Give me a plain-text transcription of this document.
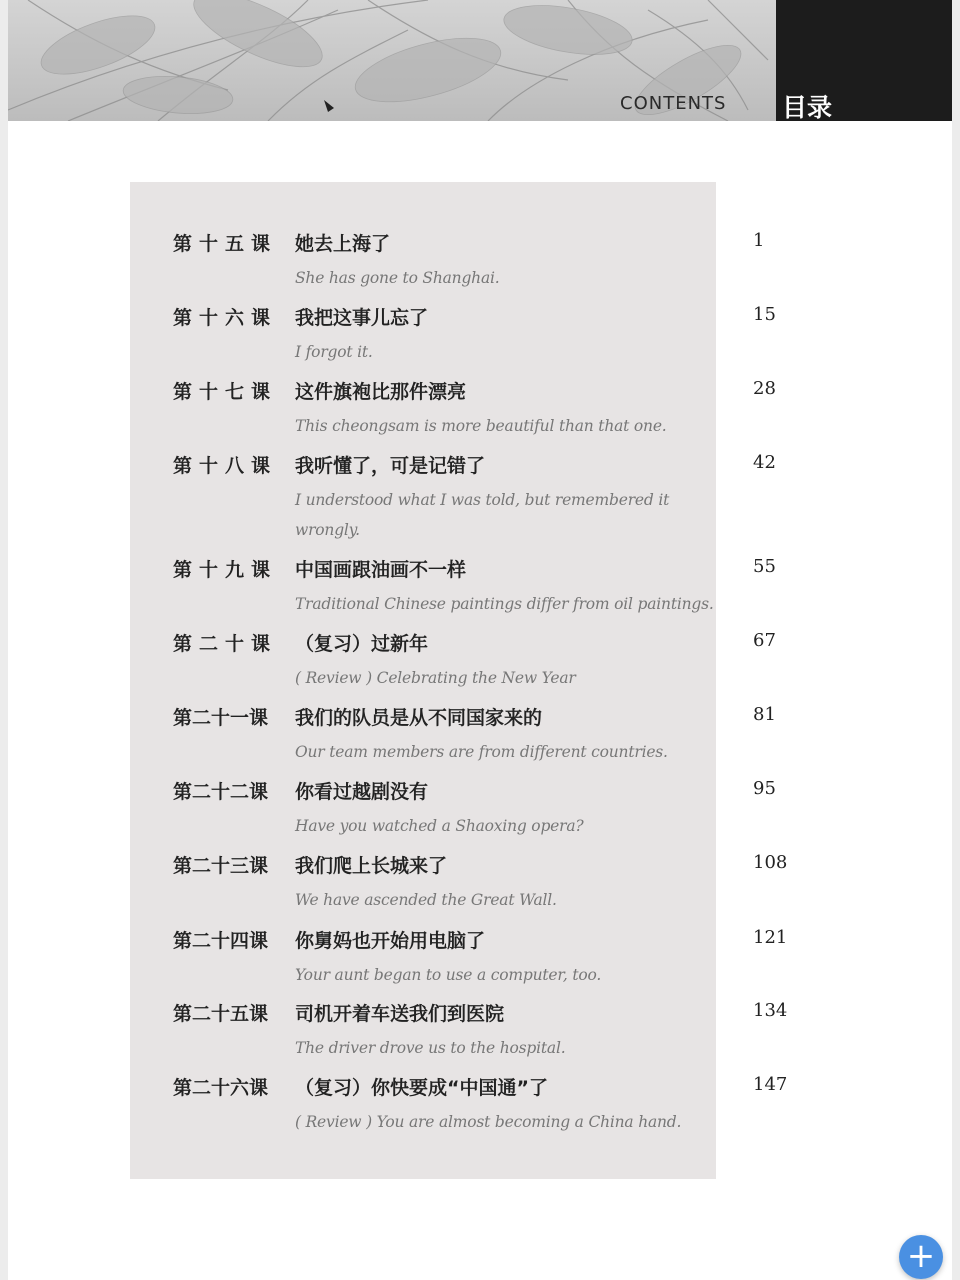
CONTENTS 目录
第十五课 她去上海了	1
She has gone to Shanghai.
第十六课 我把这事儿忘了	15
I forgot it.
第十七课 这件旗袍比那件漂亮	28
This cheongsam is more beautiful than that one.
第十八课 我听懂了，可是记错了	42
I understood what I was told, but remembered it wrongly.
第十九课 中国画跟油画不一样	55
Traditional Chinese paintings differ from oil paintings.
第二十课 （复习）过新年	67
( Review ) Celebrating the New Year
第二十一课	我们的队员是从不同国家来的	81
Our team members are from different countries.
第二十二课	你看过越剧没有	95
Have you watched a Shaoxing opera?
第二十三课	我们爬上长城来了	108
We have ascended the Great Wall.
第二十四课	你舅妈也开始用电脑了	121
Your aunt began to use a computer, too.
第二十五课	司机开着车送我们到医院	134
The driver drove us to the hospital.
第二十六课	（复习）你快要成“中国通”了	147
( Review ) You are almost becoming a China hand.
+
